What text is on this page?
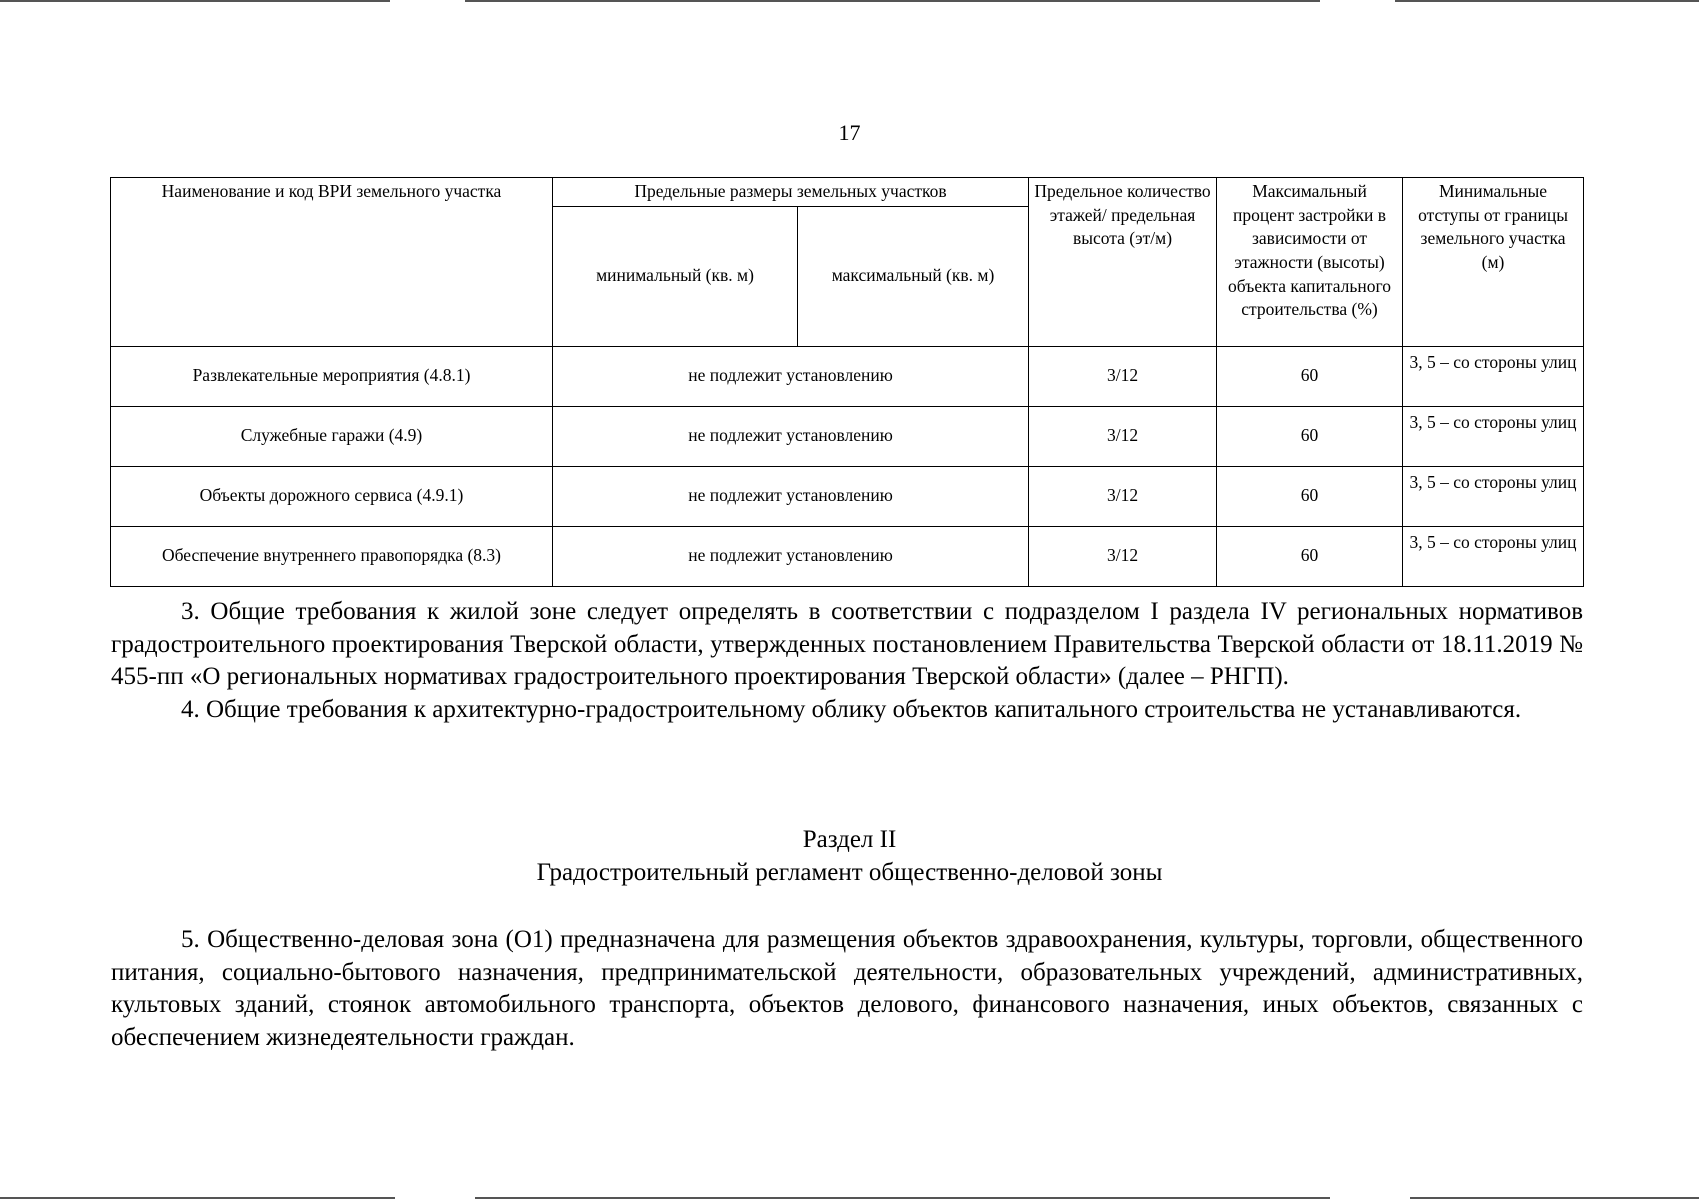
17
Наименование и код ВРИ земельного участка	Предельные размеры земельных участков		Предельное количество этажей/ предельная высота (эт/м)	Максимальный процент застройки в зависимости от этажности (высоты) объекта капитального строительства (%)	Минимальные отступы от границы земельного участка (м)
	минимальный (кв. м)	максимальный (кв. м)			
Развлекательные мероприятия (4.8.1)	не подлежит установлению		3/12	60	3, 5 – со стороны улиц
Служебные гаражи (4.9)	не подлежит установлению		3/12	60	3, 5 – со стороны улиц
Объекты дорожного сервиса (4.9.1)	не подлежит установлению		3/12	60	3, 5 – со стороны улиц
Обеспечение внутреннего правопорядка (8.3)	не подлежит установлению		3/12	60	3, 5 – со стороны улиц

3. Общие требования к жилой зоне следует определять в соответствии с подразделом I раздела IV региональных нормативов градостроительного проектирования Тверской области, утвержденных постановлением Правительства Тверской области от 18.11.2019 № 455-пп «О региональных нормативах градостроительного проектирования Тверской области» (далее – РНГП).

4. Общие требования к архитектурно-градостроительному облику объектов капитального строительства не устанавливаются.

Раздел II
Градостроительный регламент общественно-деловой зоны

5. Общественно-деловая зона (О1) предназначена для размещения объектов здравоохранения, культуры, торговли, общественного питания, социально-бытового назначения, предпринимательской деятельности, образовательных учреждений, административных, культовых зданий, стоянок автомобильного транспорта, объектов делового, финансового назначения, иных объектов, связанных с обеспечением жизнедеятельности граждан.
